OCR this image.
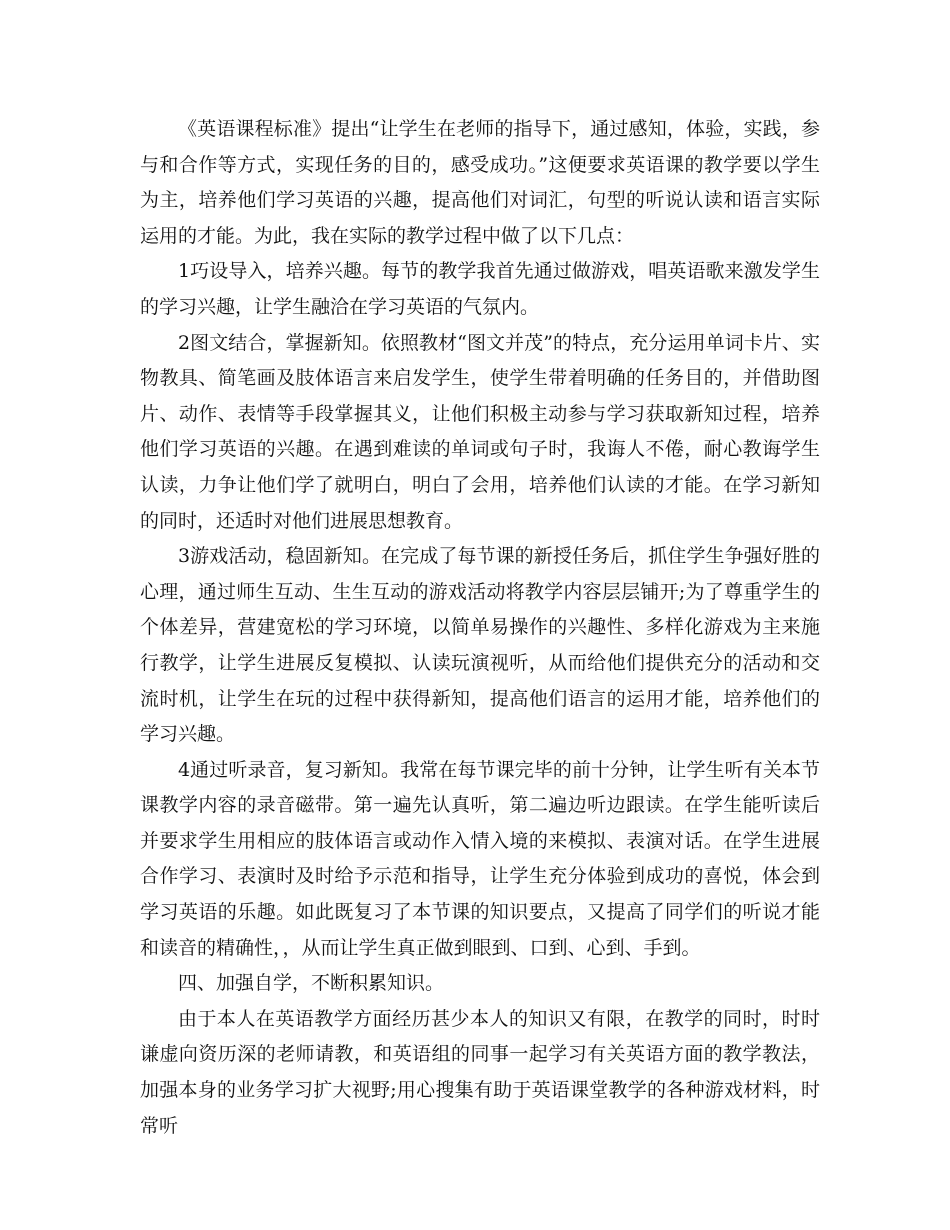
《英语课程标准》提出“让学生在老师的指导下，通过感知，体验，实践，参与和合作等方式，实现任务的目的，感受成功。”这便要求英语课的教学要以学生为主，培养他们学习英语的兴趣，提高他们对词汇，句型的听说认读和语言实际运用的才能。为此，我在实际的教学过程中做了以下几点：

1巧设导入，培养兴趣。每节的教学我首先通过做游戏，唱英语歌来激发学生的学习兴趣，让学生融洽在学习英语的气氛内。

2图文结合，掌握新知。依照教材“图文并茂”的特点，充分运用单词卡片、实物教具、简笔画及肢体语言来启发学生，使学生带着明确的任务目的，并借助图片、动作、表情等手段掌握其义，让他们积极主动参与学习获取新知过程，培养他们学习英语的兴趣。在遇到难读的单词或句子时，我诲人不倦，耐心教诲学生认读，力争让他们学了就明白，明白了会用，培养他们认读的才能。在学习新知的同时，还适时对他们进展思想教育。

3游戏活动，稳固新知。在完成了每节课的新授任务后，抓住学生争强好胜的心理，通过师生互动、生生互动的游戏活动将教学内容层层铺开;为了尊重学生的个体差异，营建宽松的学习环境，以简单易操作的兴趣性、多样化游戏为主来施行教学，让学生进展反复模拟、认读玩演视听，从而给他们提供充分的活动和交流时机，让学生在玩的过程中获得新知，提高他们语言的运用才能，培养他们的学习兴趣。

4通过听录音，复习新知。我常在每节课完毕的前十分钟，让学生听有关本节课教学内容的录音磁带。第一遍先认真听，第二遍边听边跟读。在学生能听读后并要求学生用相应的肢体语言或动作入情入境的来模拟、表演对话。在学生进展合作学习、表演时及时给予示范和指导，让学生充分体验到成功的喜悦，体会到学习英语的乐趣。如此既复习了本节课的知识要点，又提高了同学们的听说才能和读音的精确性，，从而让学生真正做到眼到、口到、心到、手到。

四、加强自学，不断积累知识。

由于本人在英语教学方面经历甚少本人的知识又有限，在教学的同时，时时谦虚向资历深的老师请教，和英语组的同事一起学习有关英语方面的教学教法，加强本身的业务学习扩大视野;用心搜集有助于英语课堂教学的各种游戏材料，时常听
